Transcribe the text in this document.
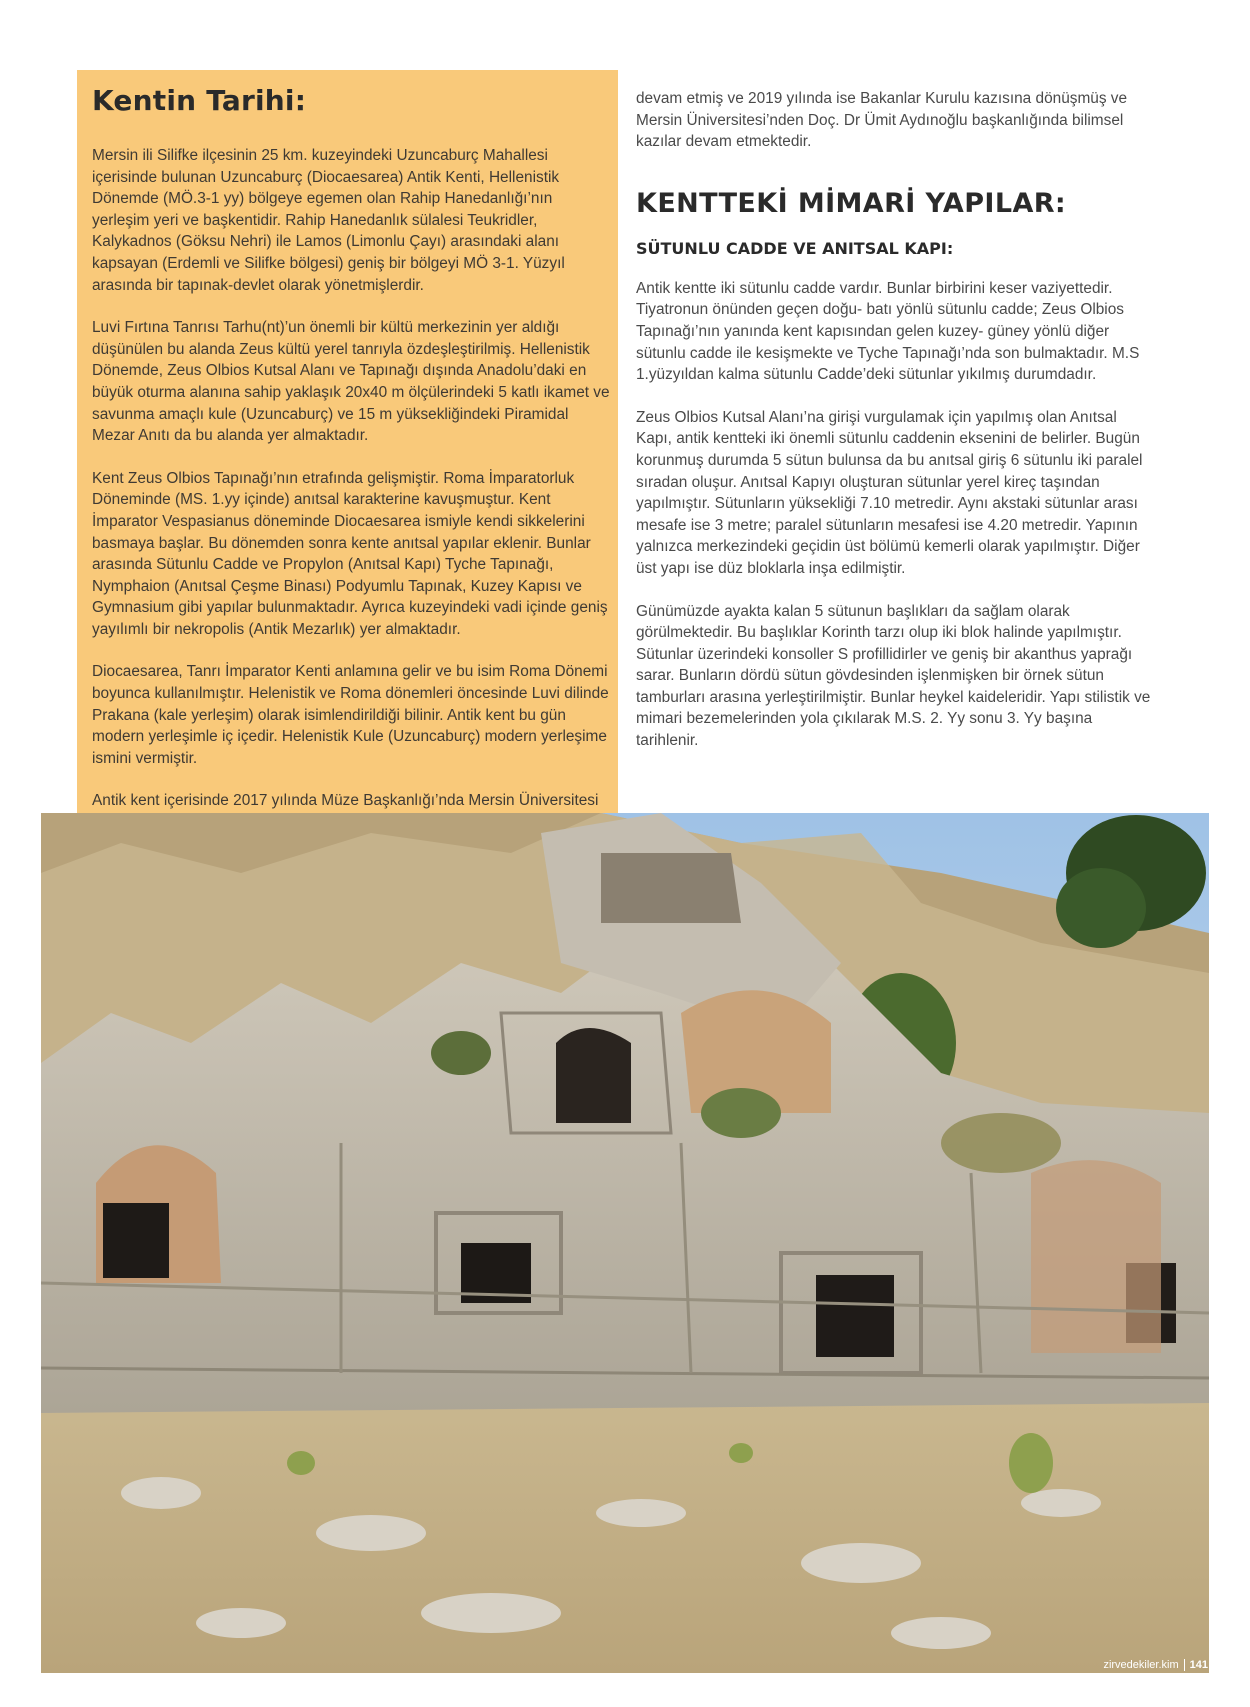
Kentin Tarihi:

Mersin ili Silifke ilçesinin 25 km. kuzeyindeki Uzuncaburç Mahallesi içerisinde bulunan Uzuncaburç (Diocaesarea) Antik Kenti, Hellenistik Dönemde (MÖ.3-1 yy) bölgeye egemen olan Rahip Hanedanlığı’nın yerleşim yeri ve başkentidir. Rahip Hanedanlık sülalesi Teukridler, Kalykadnos (Göksu Nehri) ile Lamos (Limonlu Çayı) arasındaki alanı kapsayan (Erdemli ve Silifke bölgesi) geniş bir bölgeyi MÖ 3-1. Yüzyıl arasında bir tapınak-devlet olarak yönetmişlerdir.

Luvi Fırtına Tanrısı Tarhu(nt)’un önemli bir kültü merkezinin yer aldığı düşünülen bu alanda Zeus kültü yerel tanrıyla özdeşleştirilmiş. Hellenistik Dönemde, Zeus Olbios Kutsal Alanı ve Tapınağı dışında Anadolu’daki en büyük oturma alanına sahip yaklaşık 20x40 m ölçülerindeki 5 katlı ikamet ve savunma amaçlı kule (Uzuncaburç) ve 15 m yüksekliğindeki Piramidal Mezar Anıtı da bu alanda yer almaktadır.

Kent Zeus Olbios Tapınağı’nın etrafında gelişmiştir. Roma İmparatorluk Döneminde (MS. 1.yy içinde) anıtsal karakterine kavuşmuştur. Kent İmparator Vespasianus döneminde Diocaesarea ismiyle kendi sikkelerini basmaya başlar. Bu dönemden sonra kente anıtsal yapılar eklenir. Bunlar arasında Sütunlu Cadde ve Propylon (Anıtsal Kapı) Tyche Tapınağı, Nymphaion (Anıtsal Çeşme Binası) Podyumlu Tapınak, Kuzey Kapısı ve Gymnasium gibi yapılar bulunmaktadır. Ayrıca kuzeyindeki vadi içinde geniş yayılımlı bir nekropolis (Antik Mezarlık) yer almaktadır.

Diocaesarea, Tanrı İmparator Kenti anlamına gelir ve bu isim Roma Dönemi boyunca kullanılmıştır. Helenistik ve Roma dönemleri öncesinde Luvi dilinde Prakana (kale yerleşim) olarak isimlendirildiği bilinir. Antik kent bu gün modern yerleşimle iç içedir. Helenistik Kule (Uzuncaburç) modern yerleşime ismini vermiştir.

Antik kent içerisinde 2017 yılında Müze Başkanlığı’nda Mersin Üniversitesi

devam etmiş ve 2019 yılında ise Bakanlar Kurulu kazısına dönüşmüş ve Mersin Üniversitesi’nden Doç. Dr Ümit Aydınoğlu başkanlığında bilimsel kazılar devam etmektedir.

KENTTEKİ MİMARİ YAPILAR:
SÜTUNLU CADDE VE ANITSAL KAPI:

Antik kentte iki sütunlu cadde vardır. Bunlar birbirini keser vaziyettedir. Tiyatronun önünden geçen doğu- batı yönlü sütunlu cadde; Zeus Olbios Tapınağı’nın yanında kent kapısından gelen kuzey- güney yönlü diğer sütunlu cadde ile kesişmekte ve Tyche Tapınağı’nda son bulmaktadır. M.S 1.yüzyıldan kalma sütunlu Cadde’deki sütunlar yıkılmış durumdadır.

Zeus Olbios Kutsal Alanı’na girişi vurgulamak için yapılmış olan Anıtsal Kapı, antik kentteki iki önemli sütunlu caddenin eksenini de belirler. Bugün korunmuş durumda 5 sütun bulunsa da bu anıtsal giriş 6 sütunlu iki paralel sıradan oluşur. Anıtsal Kapıyı oluşturan sütunlar yerel kireç taşından yapılmıştır. Sütunların yüksekliği 7.10 metredir. Aynı akstaki sütunlar arası mesafe ise 3 metre; paralel sütunların mesafesi ise 4.20 metredir. Yapının yalnızca merkezindeki geçidin üst bölümü kemerli olarak yapılmıştır. Diğer üst yapı ise düz bloklarla inşa edilmiştir.

Günümüzde ayakta kalan 5 sütunun başlıkları da sağlam olarak görülmektedir. Bu başlıklar Korinth tarzı olup iki blok halinde yapılmıştır. Sütunlar üzerindeki konsoller S profillidirler ve geniş bir akanthus yaprağı sarar. Bunların dördü sütun gövdesinden işlenmişken bir örnek sütun tamburları arasına yerleştirilmiştir. Bunlar heykel kaideleridir. Yapı stilistik ve mimari bezemelerinden yola çıkılarak M.S. 2. Yy sonu 3. Yy başına tarihlenir.

zirvedekiler.kim 141
